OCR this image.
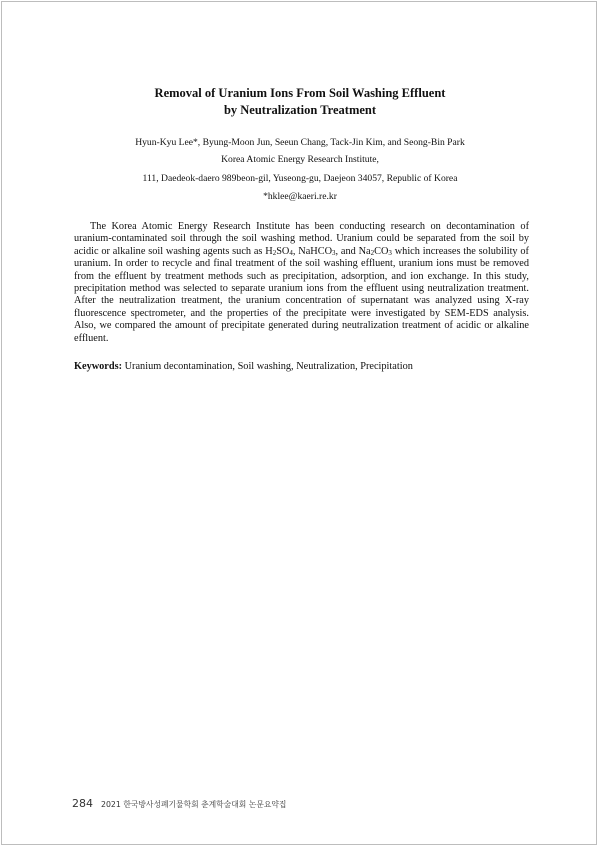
Removal of Uranium Ions From Soil Washing Effluent
by Neutralization Treatment
Hyun-Kyu Lee*, Byung-Moon Jun, Seeun Chang, Tack-Jin Kim, and Seong-Bin Park
Korea Atomic Energy Research Institute,
111, Daedeok-daero 989beon-gil, Yuseong-gu, Daejeon 34057, Republic of Korea
*hklee@kaeri.re.kr

The Korea Atomic Energy Research Institute has been conducting research on decontamination of uranium-contaminated soil through the soil washing method. Uranium could be separated from the soil by acidic or alkaline soil washing agents such as $H_2SO_4$, NaHCO$_3$, and $Na_2CO_3$ which increases the solubility of uranium. In order to recycle and final treatment of the soil washing effluent, uranium ions must be removed from the effluent by treatment methods such as precipitation, adsorption, and ion exchange. In this study, precipitation method was selected to separate uranium ions from the effluent using neutralization treatment. After the neutralization treatment, the uranium concentration of supernatant was analyzed using X-ray fluorescence spectrometer, and the properties of the precipitate were investigated by SEM-EDS analysis. Also, we compared the amount of precipitate generated during neutralization treatment of acidic or alkaline effluent.

Keywords: Uranium decontamination, Soil washing, Neutralization, Precipitation
284 2021 한국방사성폐기물학회 춘계학술대회 논문요약집
